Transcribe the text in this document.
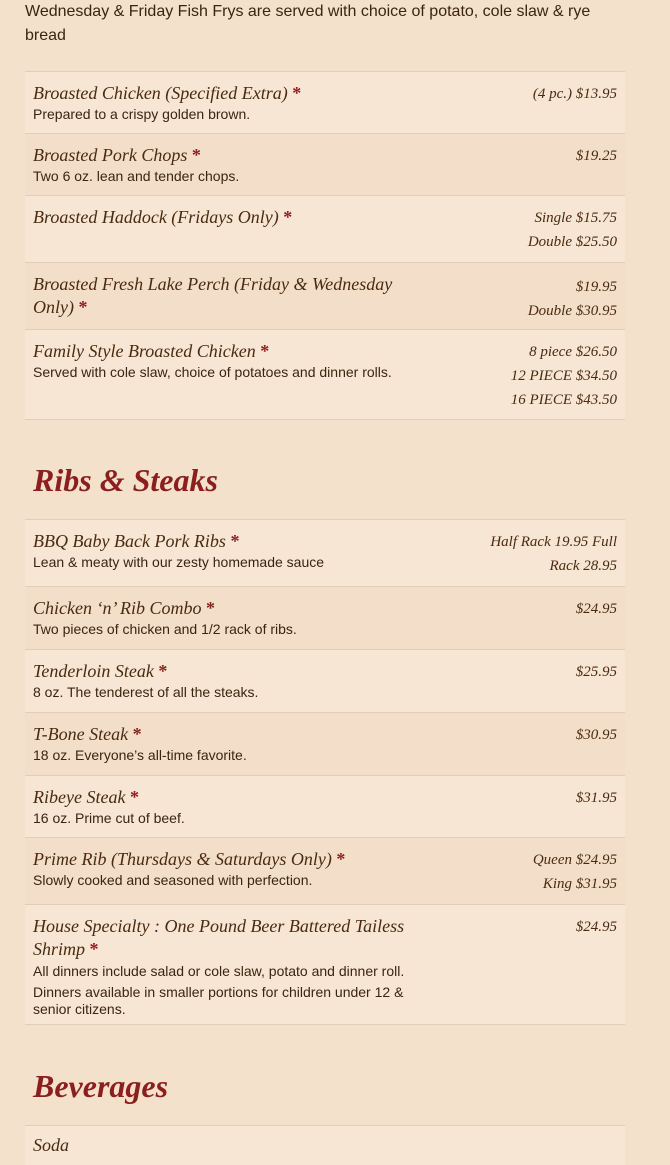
Wednesday & Friday Fish Frys are served with choice of potato, cole slaw & rye bread
Broasted Chicken (Specified Extra) *
Prepared to a crispy golden brown.
(4 pc.) $13.95
Broasted Pork Chops *
Two 6 oz. lean and tender chops.
$19.25
Broasted Haddock (Fridays Only) *	Single $15.75
Double $25.50
Broasted Fresh Lake Perch (Friday & Wednesday Only) *
$19.95
Double $30.95
Family Style Broasted Chicken *
Served with cole slaw, choice of potatoes and dinner rolls.
8 piece $26.50
12 PIECE $34.50
16 PIECE $43.50
Ribs & Steaks
BBQ Baby Back Pork Ribs *
Lean & meaty with our zesty homemade sauce
Half Rack 19.95 Full
Rack 28.95
Chicken ‘n’ Rib Combo *
Two pieces of chicken and 1/2 rack of ribs.
$24.95
Tenderloin Steak *
8 oz. The tenderest of all the steaks.
$25.95
T-Bone Steak *
18 oz. Everyone’s all-time favorite.
$30.95
Ribeye Steak *
16 oz. Prime cut of beef.
$31.95
Prime Rib (Thursdays & Saturdays Only) *
Slowly cooked and seasoned with perfection.
Queen $24.95
King $31.95
House Specialty : One Pound Beer Battered Tailess Shrimp *
All dinners include salad or cole slaw, potato and dinner roll.
Dinners available in smaller portions for children under 12 & senior citizens.
$24.95
Beverages
Soda
